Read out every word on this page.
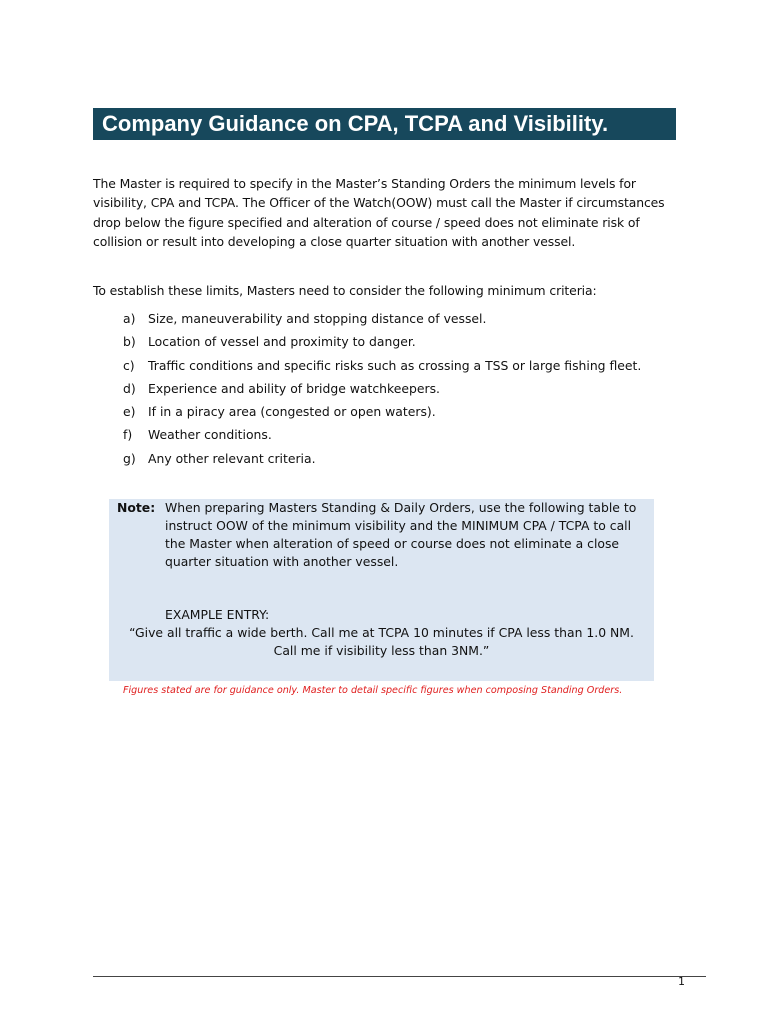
Company Guidance on CPA, TCPA and Visibility.
The Master is required to specify in the Master’s Standing Orders the minimum levels for visibility, CPA and TCPA. The Officer of the Watch(OOW) must call the Master if circumstances drop below the figure specified and alteration of course / speed does not eliminate risk of collision or result into developing a close quarter situation with another vessel.
To establish these limits, Masters need to consider the following minimum criteria:
a)	Size, maneuverability and stopping distance of vessel.
b) Location of vessel and proximity to danger.
c)	Traffic conditions and specific risks such as crossing a TSS or large fishing fleet.
d) Experience and ability of bridge watchkeepers.
e)	If in a piracy area (congested or open waters).
f)	Weather conditions.
g) Any other relevant criteria.
Note: When preparing Masters Standing & Daily Orders, use the following table to instruct OOW of the minimum visibility and the MINIMUM CPA / TCPA to call the Master when alteration of speed or course does not eliminate a close quarter situation with another vessel.
EXAMPLE ENTRY:
“Give all traffic a wide berth. Call me at TCPA 10 minutes if CPA less than 1.0 NM.
Call me if visibility less than 3NM.”
Figures stated are for guidance only. Master to detail specific figures when composing Standing Orders.
1
